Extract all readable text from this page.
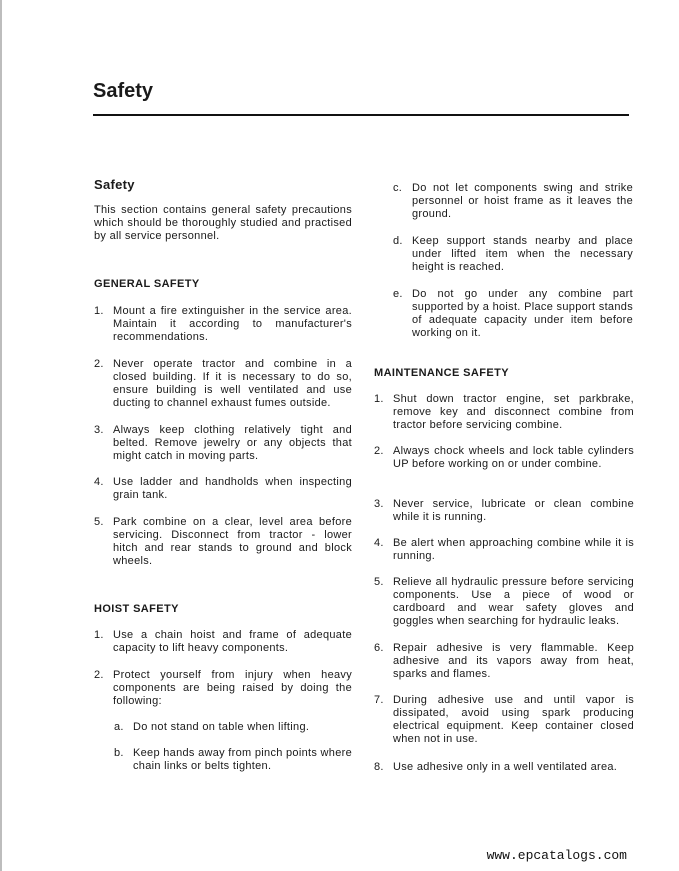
Safety
Safety

This section contains general safety precautions which should be thoroughly studied and practised by all service personnel.

GENERAL SAFETY
1. Mount a fire extinguisher in the service area. Maintain it according to manufacturer's recommendations.
2. Never operate tractor and combine in a closed building. If it is necessary to do so, ensure building is well ventilated and use ducting to channel exhaust fumes outside.
3. Always keep clothing relatively tight and belted. Remove jewelry or any objects that might catch in moving parts.
4. Use ladder and handholds when inspecting grain tank.
5. Park combine on a clear, level area before servicing. Disconnect from tractor - lower hitch and rear stands to ground and block wheels.
HOIST SAFETY
1. Use a chain hoist and frame of adequate capacity to lift heavy components.
2. Protect yourself from injury when heavy components are being raised by doing the following:
a. Do not stand on table when lifting.
b. Keep hands away from pinch points where chain links or belts tighten.
c. Do not let components swing and strike personnel or hoist frame as it leaves the ground.
d. Keep support stands nearby and place under lifted item when the necessary height is reached.
e. Do not go under any combine part supported by a hoist. Place support stands of adequate capacity under item before working on it.
MAINTENANCE SAFETY
1. Shut down tractor engine, set parkbrake, remove key and disconnect combine from tractor before servicing combine.
2. Always chock wheels and lock table cylinders UP before working on or under combine.
3. Never service, lubricate or clean combine while it is running.
4. Be alert when approaching combine while it is running.
5. Relieve all hydraulic pressure before servicing components. Use a piece of wood or cardboard and wear safety gloves and goggles when searching for hydraulic leaks.
6. Repair adhesive is very flammable. Keep adhesive and its vapors away from heat, sparks and flames.
7. During adhesive use and until vapor is dissipated, avoid using spark producing electrical equipment. Keep container closed when not in use.
8. Use adhesive only in a well ventilated area.
www.epcatalogs.com
